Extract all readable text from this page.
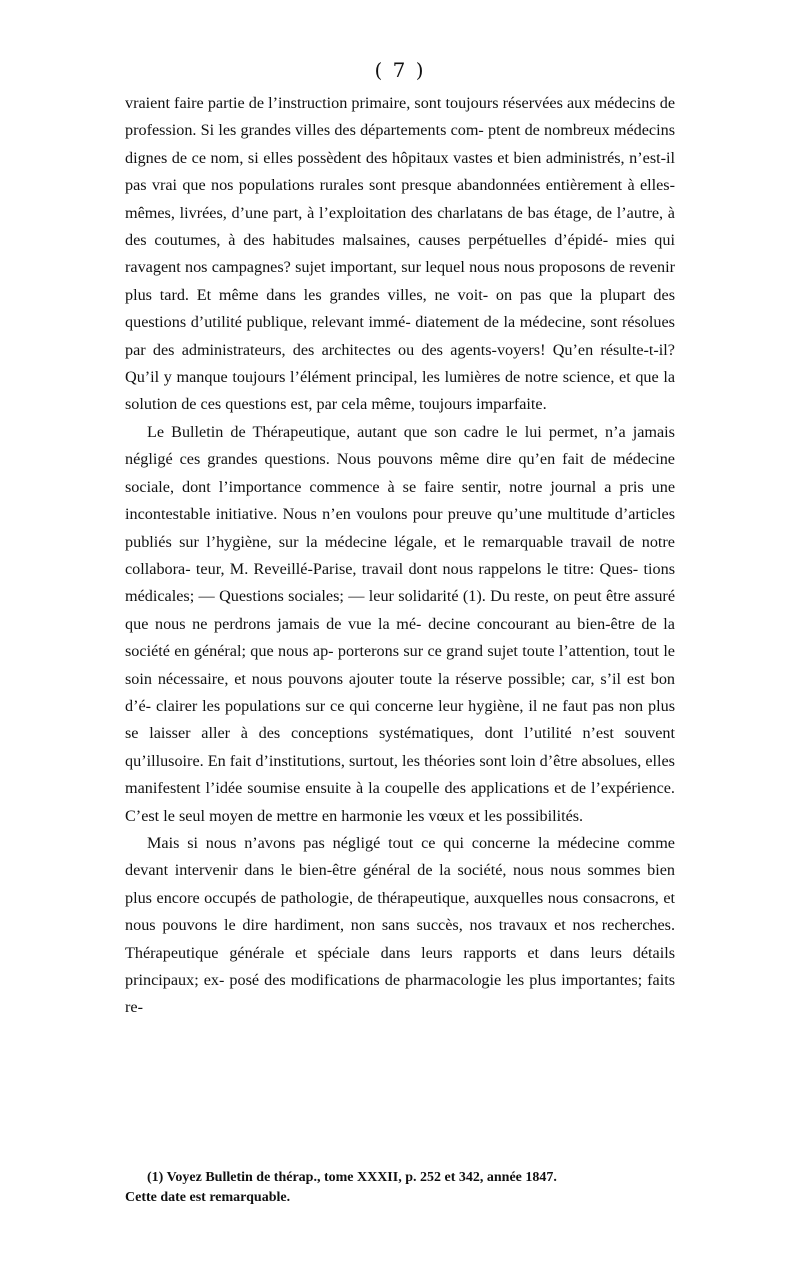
( 7 )

vraient faire partie de l’instruction primaire, sont toujours réservées aux médecins de profession. Si les grandes villes des départements com- ptent de nombreux médecins dignes de ce nom, si elles possèdent des hôpitaux vastes et bien administrés, n’est-il pas vrai que nos populations rurales sont presque abandonnées entièrement à elles-mêmes, livrées, d’une part, à l’exploitation des charlatans de bas étage, de l’autre, à des coutumes, à des habitudes malsaines, causes perpétuelles d’épidé- mies qui ravagent nos campagnes? sujet important, sur lequel nous nous proposons de revenir plus tard. Et même dans les grandes villes, ne voit- on pas que la plupart des questions d’utilité publique, relevant immé- diatement de la médecine, sont résolues par des administrateurs, des architectes ou des agents-voyers! Qu’en résulte-t-il? Qu’il y manque toujours l’élément principal, les lumières de notre science, et que la solution de ces questions est, par cela même, toujours imparfaite.

Le Bulletin de Thérapeutique, autant que son cadre le lui permet, n’a jamais négligé ces grandes questions. Nous pouvons même dire qu’en fait de médecine sociale, dont l’importance commence à se faire sentir, notre journal a pris une incontestable initiative. Nous n’en voulons pour preuve qu’une multitude d’articles publiés sur l’hygiène, sur la médecine légale, et le remarquable travail de notre collabora- teur, M. Reveillé-Parise, travail dont nous rappelons le titre: Ques- tions médicales; — Questions sociales; — leur solidarité (1). Du reste, on peut être assuré que nous ne perdrons jamais de vue la mé- decine concourant au bien-être de la société en général; que nous ap- porterons sur ce grand sujet toute l’attention, tout le soin nécessaire, et nous pouvons ajouter toute la réserve possible; car, s’il est bon d’é- clairer les populations sur ce qui concerne leur hygiène, il ne faut pas non plus se laisser aller à des conceptions systématiques, dont l’utilité n’est souvent qu’illusoire. En fait d’institutions, surtout, les théories sont loin d’être absolues, elles manifestent l’idée soumise ensuite à la coupelle des applications et de l’expérience. C’est le seul moyen de mettre en harmonie les vœux et les possibilités.

Mais si nous n’avons pas négligé tout ce qui concerne la médecine comme devant intervenir dans le bien-être général de la société, nous nous sommes bien plus encore occupés de pathologie, de thérapeutique, auxquelles nous consacrons, et nous pouvons le dire hardiment, non sans succès, nos travaux et nos recherches. Thérapeutique générale et spéciale dans leurs rapports et dans leurs détails principaux; ex- posé des modifications de pharmacologie les plus importantes; faits re-

(1) Voyez Bulletin de thérap., tome XXXII, p. 252 et 342, année 1847.

Cette date est remarquable.
